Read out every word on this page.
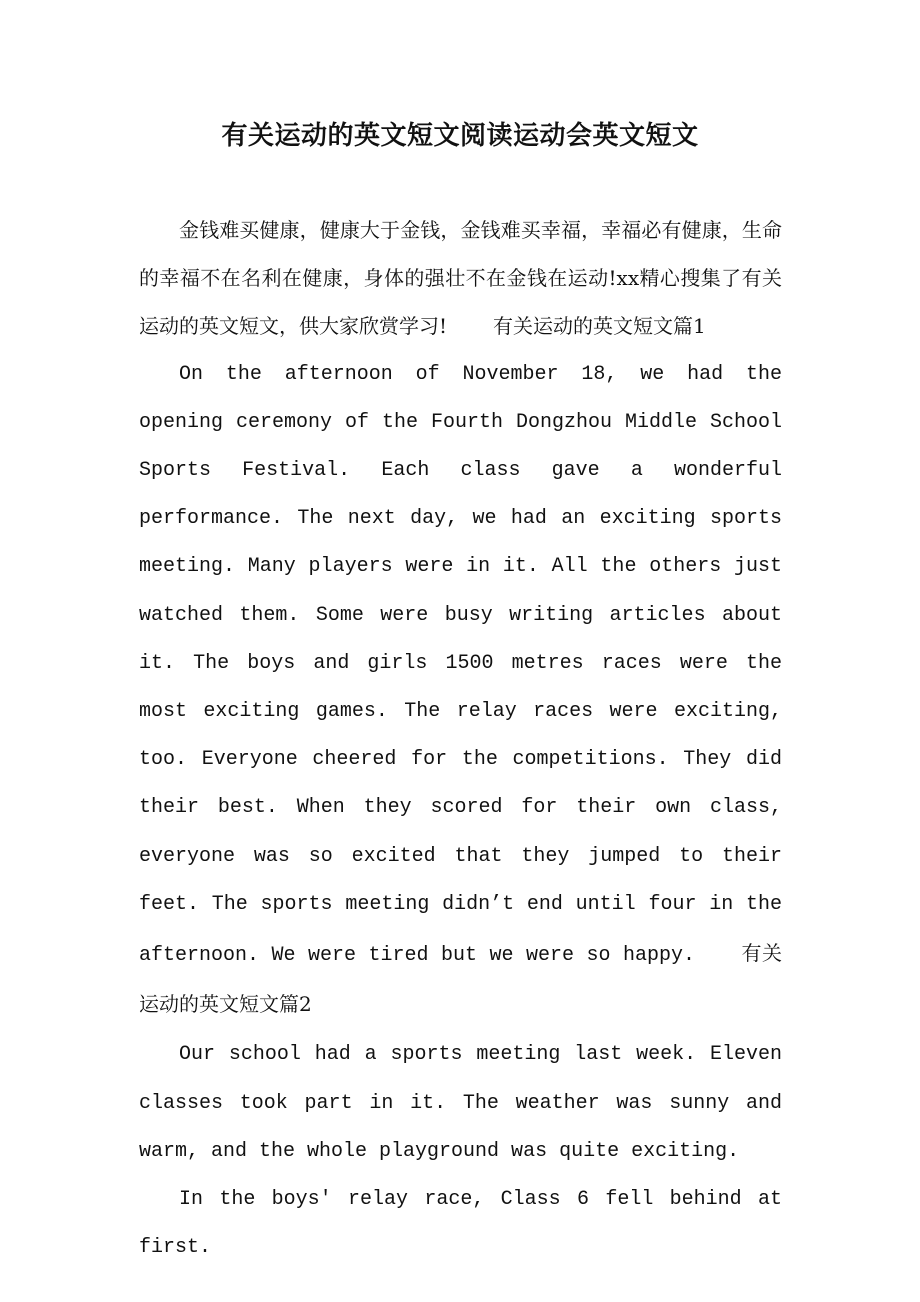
有关运动的英文短文阅读运动会英文短文

金钱难买健康，健康大于金钱，金钱难买幸福，幸福必有健康，生命的幸福不在名利在健康，身体的强壮不在金钱在运动!xx精心搜集了有关运动的英文短文，供大家欣赏学习! 有关运动的英文短文篇1

On the afternoon of November 18, we had the opening ceremony of the Fourth Dongzhou Middle School Sports Festival. Each class gave a wonderful performance. The next day, we had an exciting sports meeting. Many players were in it. All the others just watched them. Some were busy writing articles about it. The boys and girls 1500 metres races were the most exciting games. The relay races were exciting, too. Everyone cheered for the competitions. They did their best. When they scored for their own class, everyone was so excited that they jumped to their feet. The sports meeting didn’t end until four in the afternoon. We were tired but we were so happy. 有关运动的英文短文篇2

Our school had a sports meeting last week. Eleven classes took part in it. The weather was sunny and warm, and the whole playground was quite exciting.

In the boys' relay race, Class 6 fell behind at first.
